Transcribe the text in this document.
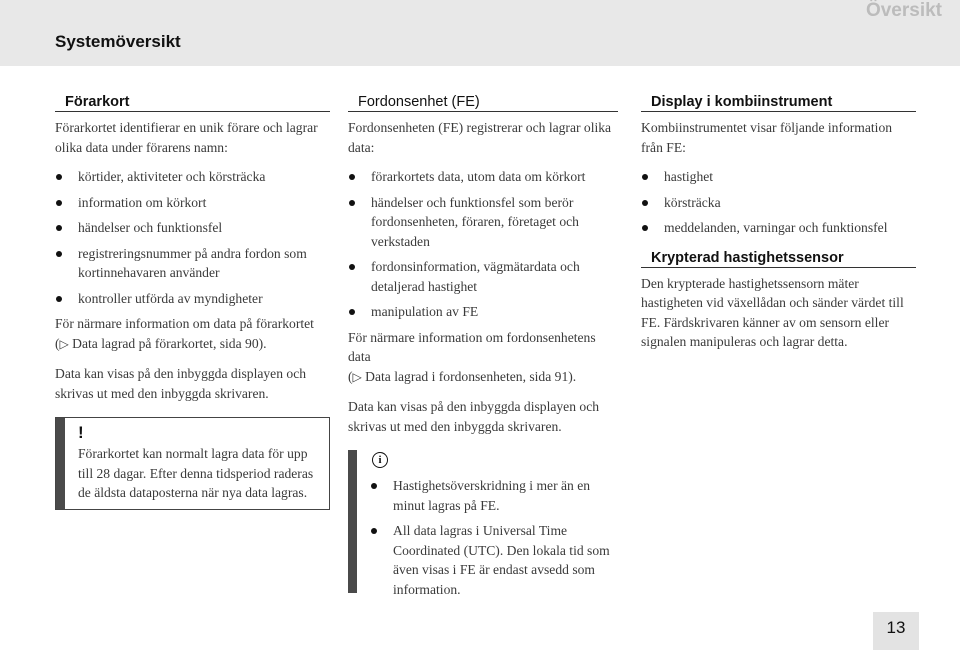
Översikt
Systemöversikt
Förarkort

Förarkortet identifierar en unik förare och lagrar olika data under förarens namn:

körtider, aktiviteter och körsträcka
information om körkort
händelser och funktionsfel
registreringsnummer på andra fordon som kortinnehavaren använder
kontroller utförda av myndigheter

För närmare information om data på förarkortet
(▷ Data lagrad på förarkortet, sida 90).

Data kan visas på den inbyggda displayen och skrivas ut med den inbyggda skrivaren.

!

Förarkortet kan normalt lagra data för upp till 28 dagar. Efter denna tidsperiod raderas de äldsta dataposterna när nya data lagras.

Fordonsenhet (FE)

Fordonsenheten (FE) registrerar och lagrar olika data:

förarkortets data, utom data om körkort
händelser och funktionsfel som berör fordonsenheten, föraren, företaget och verkstaden
fordonsinformation, vägmätardata och detaljerad hastighet
manipulation av FE

För närmare information om fordonsenhetens data
(▷ Data lagrad i fordonsenheten, sida 91).

Data kan visas på den inbyggda displayen och skrivas ut med den inbyggda skrivaren.

i
Hastighetsöverskridning i mer än en minut lagras på FE.
All data lagras i Universal Time Coordinated (UTC). Den lokala tid som även visas i FE är endast avsedd som information.
Display i kombiinstrument

Kombiinstrumentet visar följande information från FE:

hastighet
körsträcka
meddelanden, varningar och funktionsfel
Krypterad hastighetssensor

Den krypterade hastighetssensorn mäter hastigheten vid växellådan och sänder värdet till FE. Färdskrivaren känner av om sensorn eller signalen manipuleras och lagrar detta.

13
